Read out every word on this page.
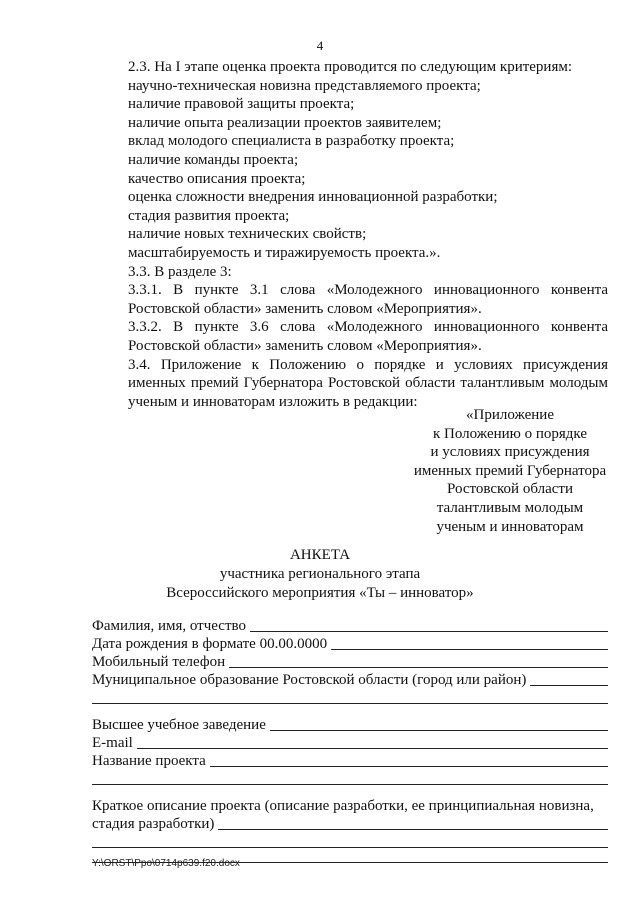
4
2.3. На I этапе оценка проекта проводится по следующим критериям:
научно-техническая новизна представляемого проекта;
наличие правовой защиты проекта;
наличие опыта реализации проектов заявителем;
вклад молодого специалиста в разработку проекта;
наличие команды проекта;
качество описания проекта;
оценка сложности внедрения инновационной разработки;
стадия развития проекта;
наличие новых технических свойств;
масштабируемость и тиражируемость проекта.».
3.3. В разделе 3:
3.3.1. В пункте 3.1 слова «Молодежного инновационного конвента Ростовской области» заменить словом «Мероприятия».
3.3.2. В пункте 3.6 слова «Молодежного инновационного конвента Ростовской области» заменить словом «Мероприятия».
3.4. Приложение к Положению о порядке и условиях присуждения именных премий Губернатора Ростовской области талантливым молодым ученым и инноваторам изложить в редакции:
«Приложение
к Положению о порядке
и условиях присуждения
именных премий Губернатора
Ростовской области
талантливым молодым
ученым и инноваторам
АНКЕТА
участника регионального этапа
Всероссийского мероприятия «Ты – инноватор»
Фамилия, имя, отчество
Дата рождения в формате 00.00.0000
Мобильный телефон
Муниципальное образование Ростовской области (город или район)
Высшее учебное заведение
E-mail
Название проекта
Краткое описание проекта (описание разработки, ее принципиальная новизна,
стадия разработки)
Y:\ORST\Ppo\0714p639.f20.docx
